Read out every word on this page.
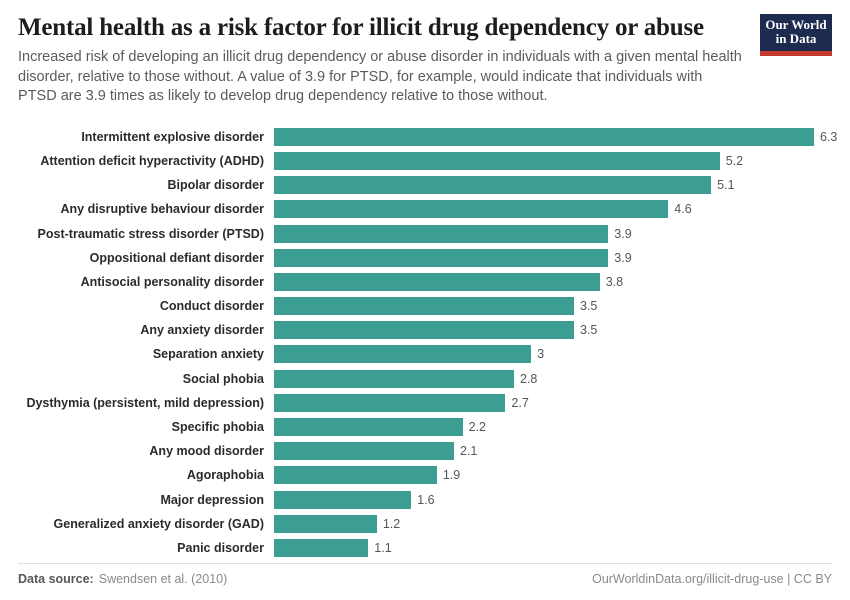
Mental health as a risk factor for illicit drug dependency or abuse

Increased risk of developing an illicit drug dependency or abuse disorder in individuals with a given mental health disorder, relative to those without. A value of 3.9 for PTSD, for example, would indicate that individuals with PTSD are 3.9 times as likely to develop drug dependency relative to those without.

Our World
in Data
Intermittent explosive disorder	6.3
Attention deficit hyperactivity (ADHD)	5.2
Bipolar disorder	5.1
Any disruptive behaviour disorder	4.6
Post-traumatic stress disorder (PTSD)	3.9
Oppositional defiant disorder	3.9
Antisocial personality disorder	3.8
Conduct disorder	3.5
Any anxiety disorder	3.5
Separation anxiety	3
Social phobia	2.8
Dysthymia (persistent, mild depression)	2.7
Specific phobia	2.2
Any mood disorder	2.1
Agoraphobia	1.9
Major depression	1.6
Generalized anxiety disorder (GAD)	1.2
Panic disorder	1.1
Data source: Swendsen et al. (2010)	OurWorldinData.org/illicit-drug-use | CC BY
